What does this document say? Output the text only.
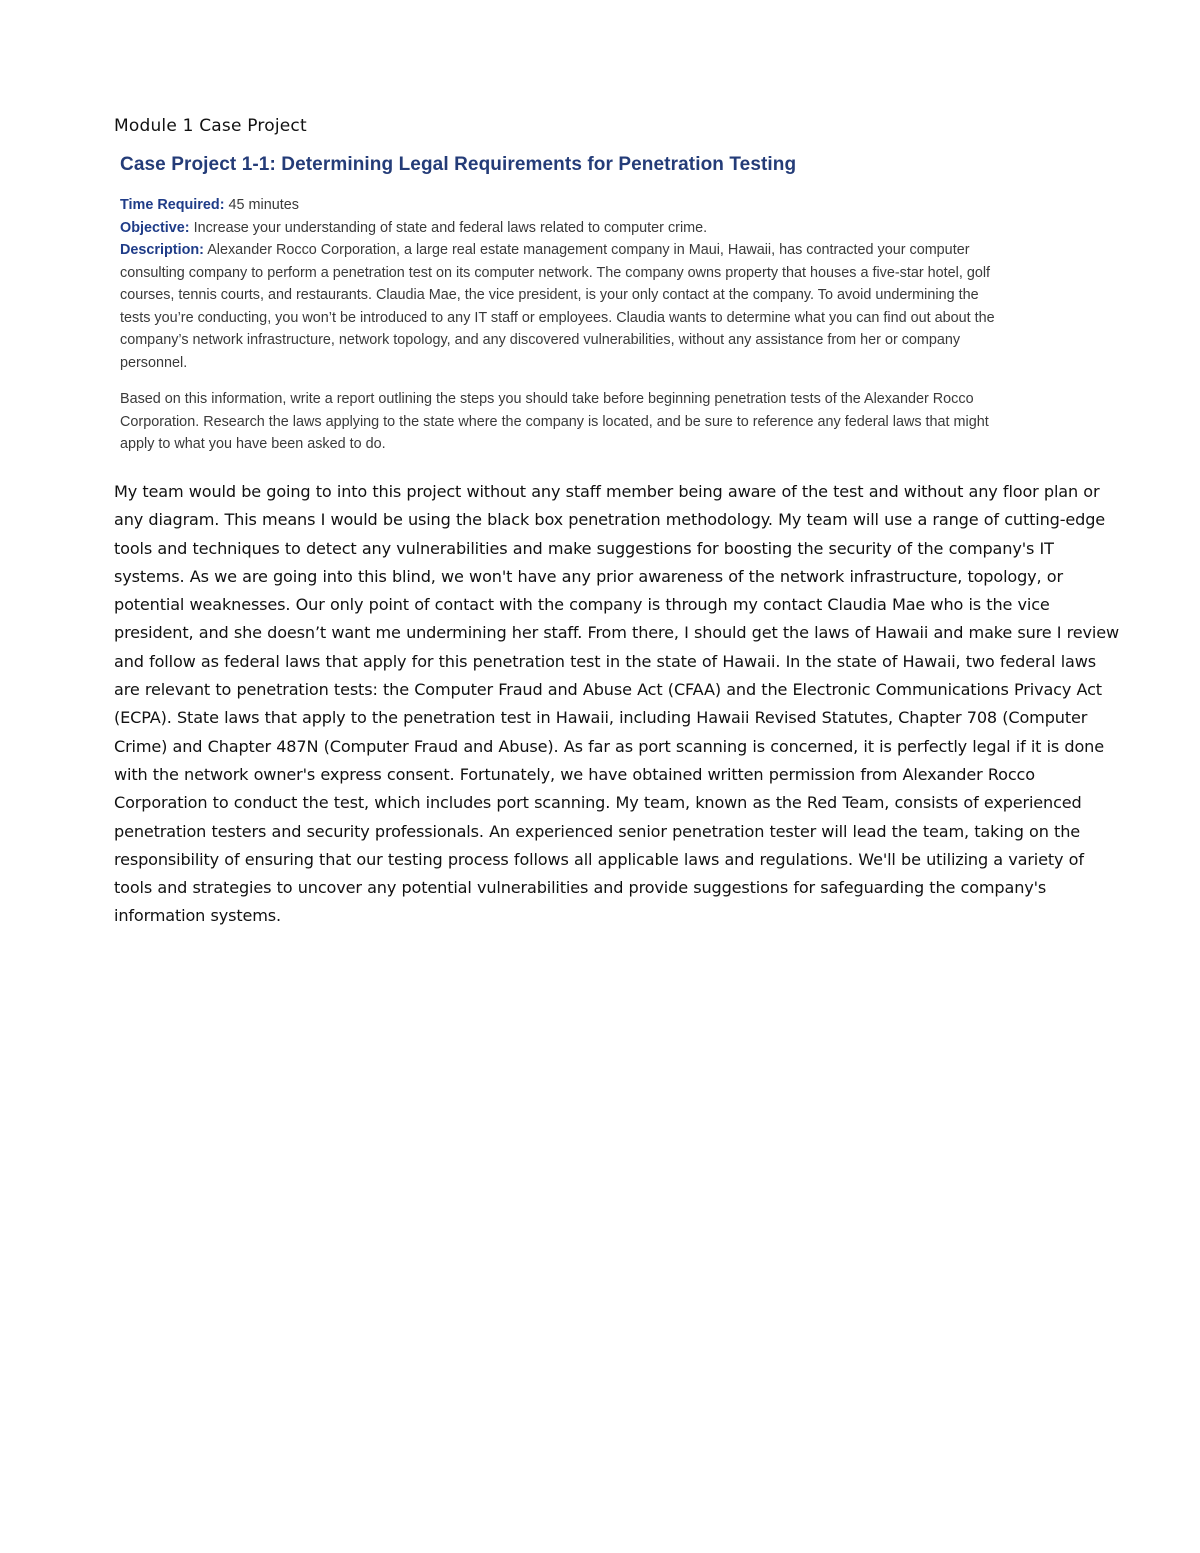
Module 1 Case Project
Case Project 1-1: Determining Legal Requirements for Penetration Testing
Time Required: 45 minutes
Objective: Increase your understanding of state and federal laws related to computer crime.
Description: Alexander Rocco Corporation, a large real estate management company in Maui, Hawaii, has contracted your computer consulting company to perform a penetration test on its computer network. The company owns property that houses a five-star hotel, golf courses, tennis courts, and restaurants. Claudia Mae, the vice president, is your only contact at the company. To avoid undermining the tests you’re conducting, you won’t be introduced to any IT staff or employees. Claudia wants to determine what you can find out about the company’s network infrastructure, network topology, and any discovered vulnerabilities, without any assistance from her or company personnel.
Based on this information, write a report outlining the steps you should take before beginning penetration tests of the Alexander Rocco Corporation. Research the laws applying to the state where the company is located, and be sure to reference any federal laws that might apply to what you have been asked to do.
My team would be going to into this project without any staff member being aware of the test and without any floor plan or any diagram. This means I would be using the black box penetration methodology. My team will use a range of cutting-edge tools and techniques to detect any vulnerabilities and make suggestions for boosting the security of the company's IT systems. As we are going into this blind, we won't have any prior awareness of the network infrastructure, topology, or potential weaknesses. Our only point of contact with the company is through my contact Claudia Mae who is the vice president, and she doesn’t want me undermining her staff. From there, I should get the laws of Hawaii and make sure I review and follow as federal laws that apply for this penetration test in the state of Hawaii. In the state of Hawaii, two federal laws are relevant to penetration tests: the Computer Fraud and Abuse Act (CFAA) and the Electronic Communications Privacy Act (ECPA). State laws that apply to the penetration test in Hawaii, including Hawaii Revised Statutes, Chapter 708 (Computer Crime) and Chapter 487N (Computer Fraud and Abuse). As far as port scanning is concerned, it is perfectly legal if it is done with the network owner's express consent. Fortunately, we have obtained written permission from Alexander Rocco Corporation to conduct the test, which includes port scanning. My team, known as the Red Team, consists of experienced penetration testers and security professionals. An experienced senior penetration tester will lead the team, taking on the responsibility of ensuring that our testing process follows all applicable laws and regulations. We'll be utilizing a variety of tools and strategies to uncover any potential vulnerabilities and provide suggestions for safeguarding the company's information systems.
